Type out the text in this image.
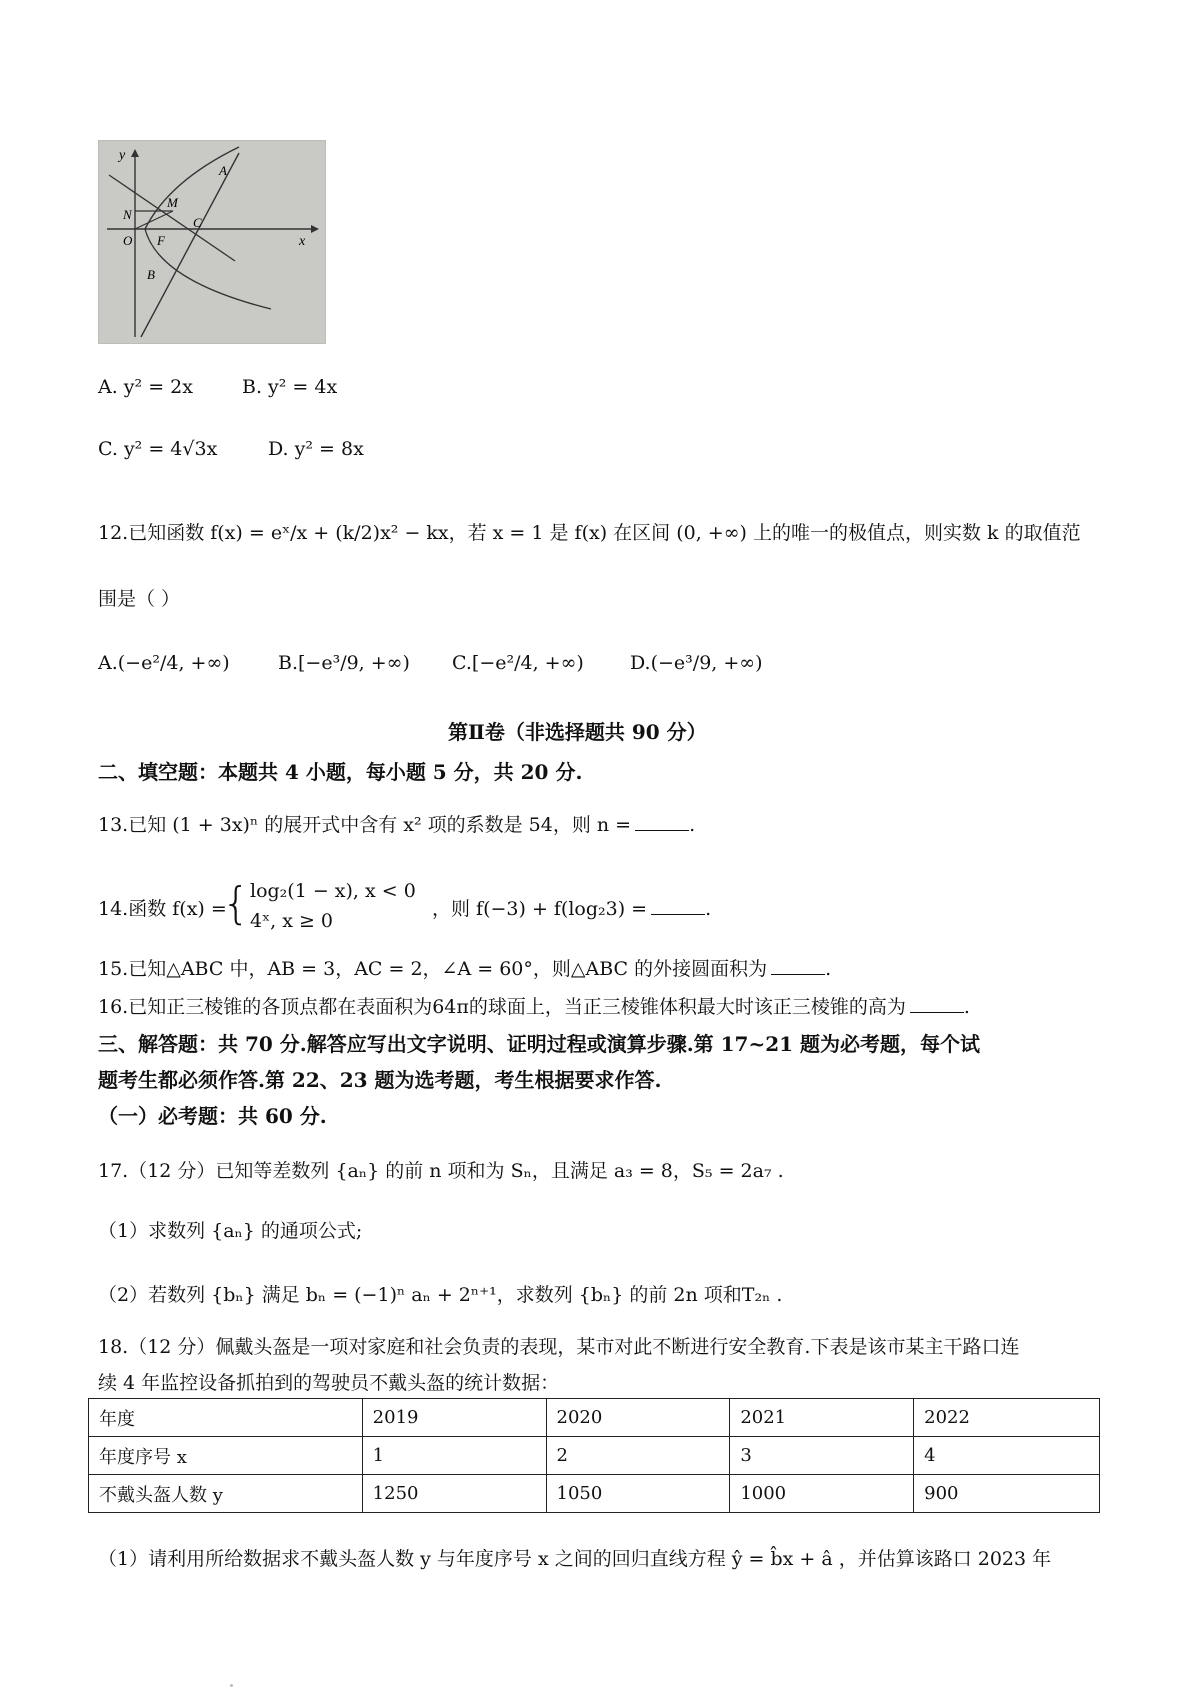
y
x
A
M
N
C
O F
B
A. y² = 2x	B. y² = 4x
C. y² = 4√3x	D. y² = 8x
12.已知函数 f(x) = eˣ/x + (k/2)x² − kx，若 x = 1 是 f(x) 在区间 (0, +∞) 上的唯一的极值点，则实数 k 的取值范
围是（ ）
A.(−e²/4, +∞)	B.[−e³/9, +∞) C.[−e²/4, +∞) D.(−e³/9, +∞)
第Ⅱ卷（非选择题共 90 分）
二、填空题：本题共 4 小题，每小题 5 分，共 20 分.
13.已知 (1 + 3x)ⁿ 的展开式中含有 x² 项的系数是 54，则 n =	.
14.函数 f(x) =
{ log₂(1 − x), x < 0
4ˣ, x ≥ 0
，则 f(−3) + f(log₂3) =	.
15.已知△ABC 中，AB = 3，AC = 2，∠A = 60°，则△ABC 的外接圆面积为	.
16.已知正三棱锥的各顶点都在表面积为64π的球面上，当正三棱锥体积最大时该正三棱锥的高为	.
三、解答题：共 70 分.解答应写出文字说明、证明过程或演算步骤.第 17~21 题为必考题，每个试
题考生都必须作答.第 22、23 题为选考题，考生根据要求作答.
（一）必考题：共 60 分.
17.（12 分）已知等差数列 {aₙ} 的前 n 项和为 Sₙ，且满足 a₃ = 8，S₅ = 2a₇ .
（1）求数列 {aₙ} 的通项公式;
（2）若数列 {bₙ} 满足 bₙ = (−1)ⁿ aₙ + 2ⁿ⁺¹，求数列 {bₙ} 的前 2n 项和T₂ₙ .
18.（12 分）佩戴头盔是一项对家庭和社会负责的表现，某市对此不断进行安全教育.下表是该市某主干路口连
续 4 年监控设备抓拍到的驾驶员不戴头盔的统计数据：
年度	2019	2020	2021	2022
年度序号 x	1	2	3	4
不戴头盔人数 y	1250	1050	1000	900
（1）请利用所给数据求不戴头盔人数 y 与年度序号 x 之间的回归直线方程 ŷ = b̂x + â ，并估算该路口 2023 年
